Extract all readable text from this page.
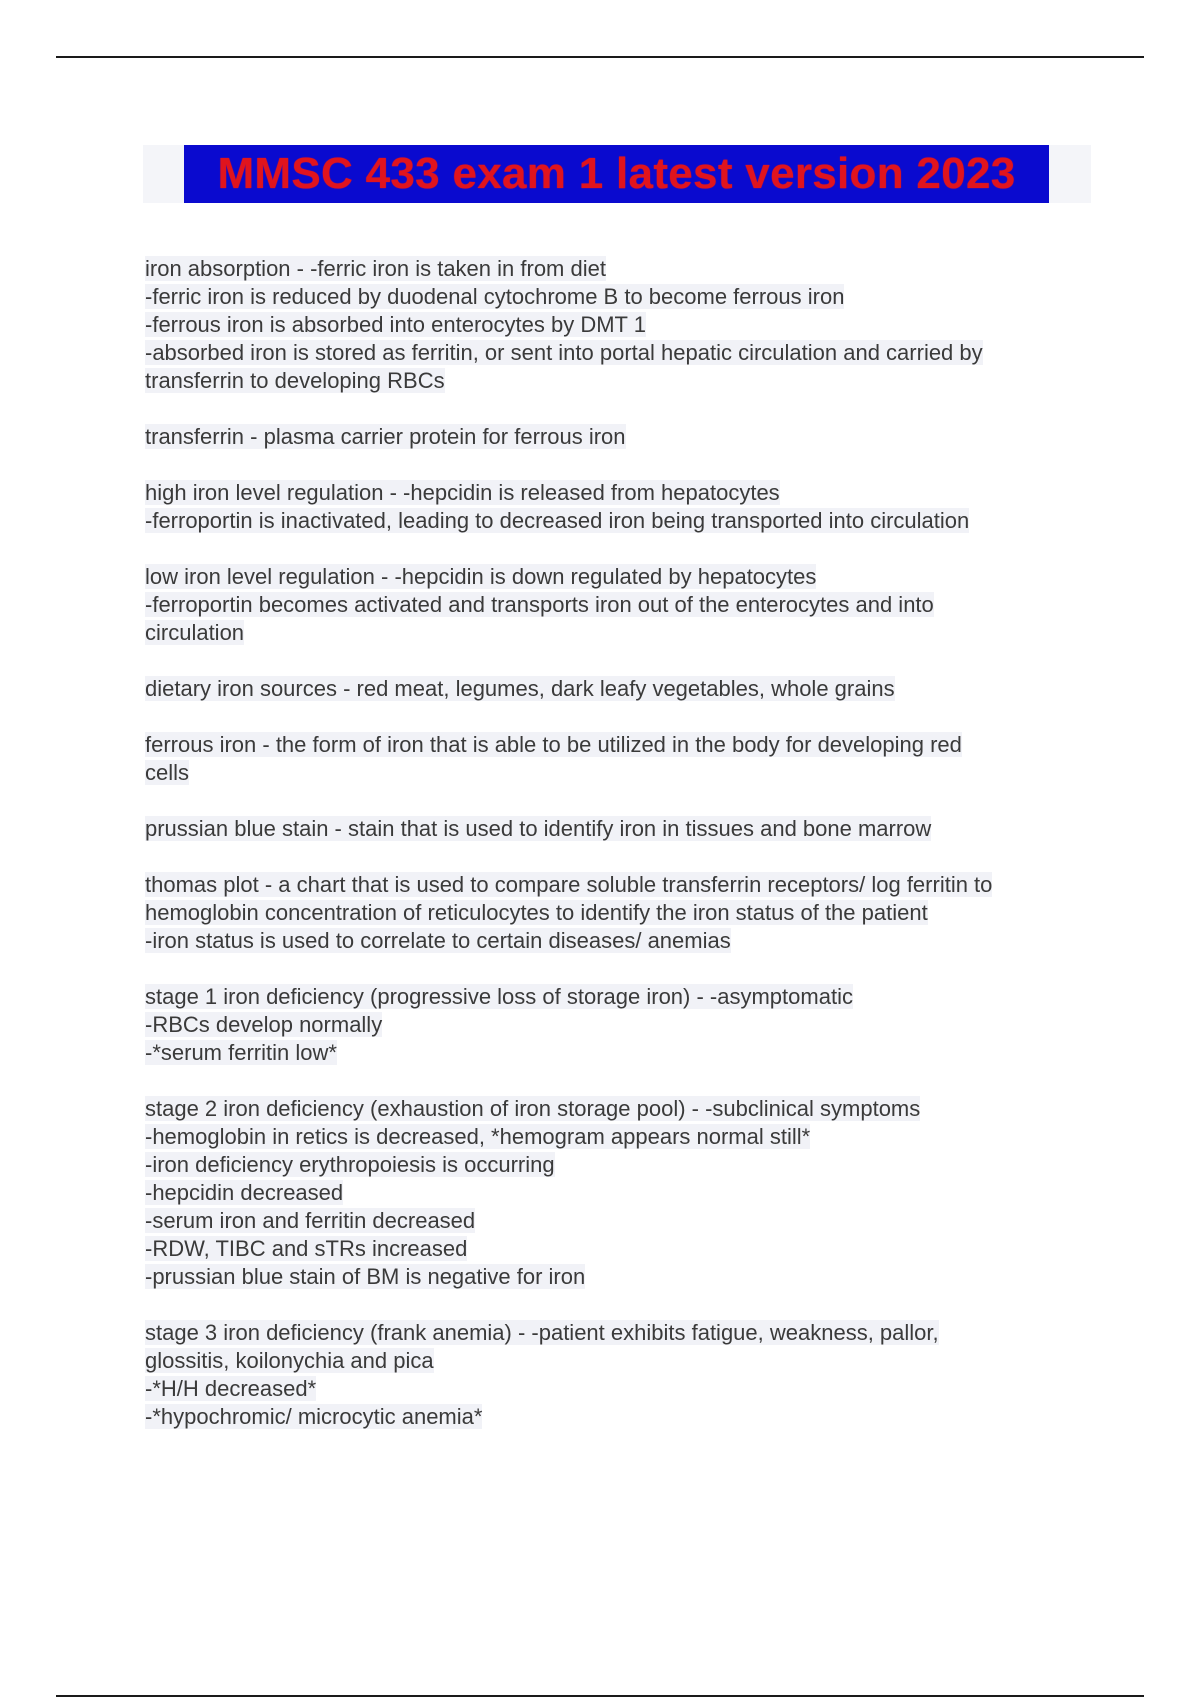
MMSC 433 exam 1 latest version 2023
iron absorption - -ferric iron is taken in from diet
-ferric iron is reduced by duodenal cytochrome B to become ferrous iron
-ferrous iron is absorbed into enterocytes by DMT 1
-absorbed iron is stored as ferritin, or sent into portal hepatic circulation and carried by
transferrin to developing RBCs
transferrin - plasma carrier protein for ferrous iron
high iron level regulation - -hepcidin is released from hepatocytes
-ferroportin is inactivated, leading to decreased iron being transported into circulation
low iron level regulation - -hepcidin is down regulated by hepatocytes
-ferroportin becomes activated and transports iron out of the enterocytes and into
circulation
dietary iron sources - red meat, legumes, dark leafy vegetables, whole grains
ferrous iron - the form of iron that is able to be utilized in the body for developing red
cells
prussian blue stain - stain that is used to identify iron in tissues and bone marrow
thomas plot - a chart that is used to compare soluble transferrin receptors/ log ferritin to
hemoglobin concentration of reticulocytes to identify the iron status of the patient
-iron status is used to correlate to certain diseases/ anemias
stage 1 iron deficiency (progressive loss of storage iron) - -asymptomatic
-RBCs develop normally
-*serum ferritin low*
stage 2 iron deficiency (exhaustion of iron storage pool) - -subclinical symptoms
-hemoglobin in retics is decreased, *hemogram appears normal still*
-iron deficiency erythropoiesis is occurring
-hepcidin decreased
-serum iron and ferritin decreased
-RDW, TIBC and sTRs increased
-prussian blue stain of BM is negative for iron
stage 3 iron deficiency (frank anemia) - -patient exhibits fatigue, weakness, pallor,
glossitis, koilonychia and pica
-*H/H decreased*
-*hypochromic/ microcytic anemia*
